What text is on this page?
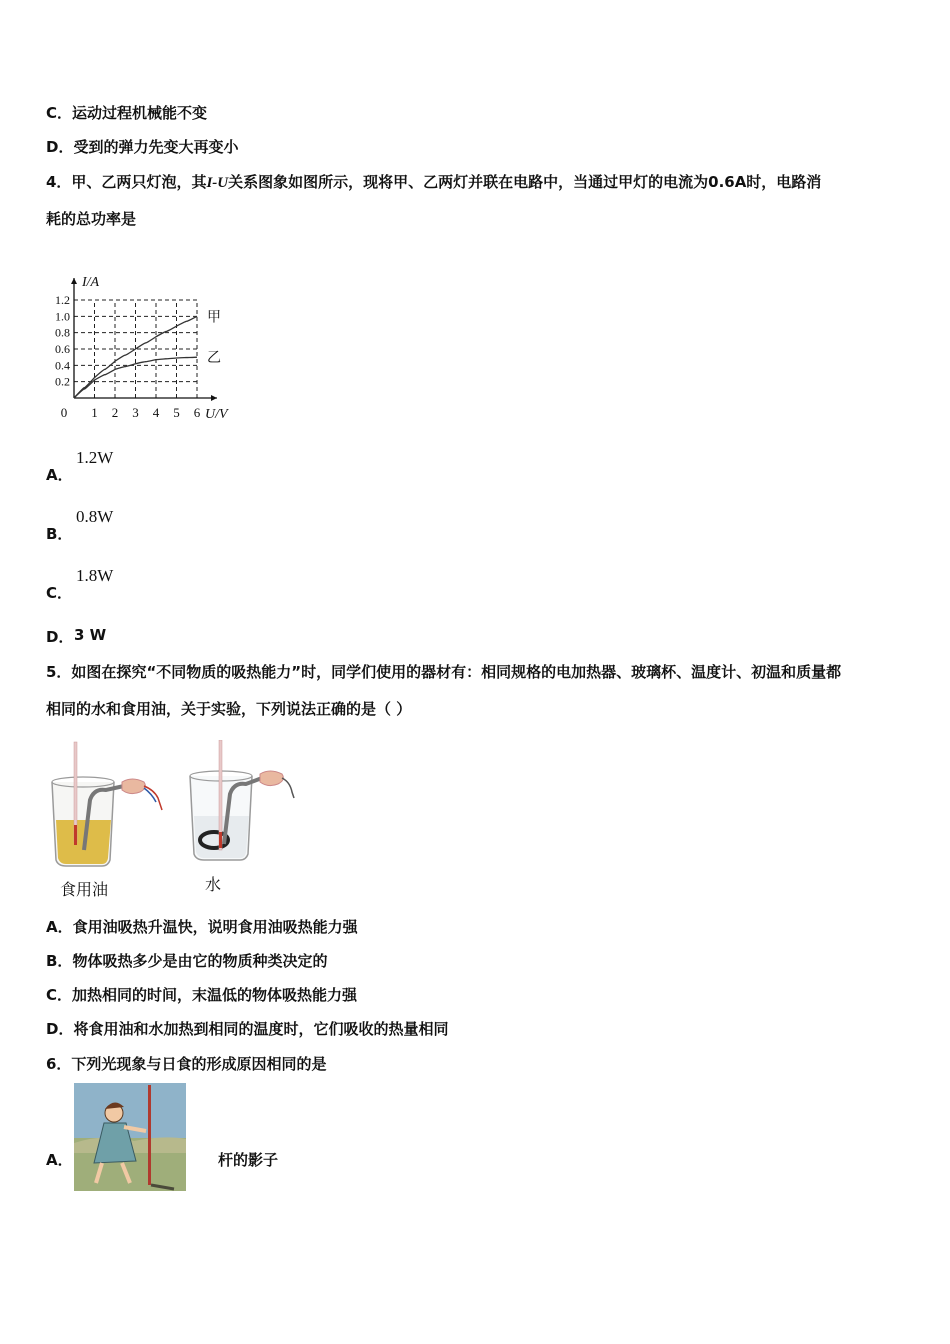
C．运动过程机械能不变
D．受到的弹力先变大再变小
4．甲、乙两只灯泡，其I-U关系图象如图所示，现将甲、乙两灯并联在电路中，当通过甲灯的电流为0.6A时，电路消
耗的总功率是
0 1 2 3 4 5 6
0.2
0.4
0.6
0.8
1.0
1.2
U/V
I/A
甲
乙
A．
1.2W
B．
0.8W
C．
1.8W
D． 3 W
5．如图在探究“不同物质的吸热能力”时，同学们使用的器材有：相同规格的电加热器、玻璃杯、温度计、初温和质量都
相同的水和食用油，关于实验，下列说法正确的是（ ）
食用油	水
A．食用油吸热升温快，说明食用油吸热能力强
B．物体吸热多少是由它的物质种类决定的
C．加热相同的时间，末温低的物体吸热能力强
D．将食用油和水加热到相同的温度时，它们吸收的热量相同
6．下列光现象与日食的形成原因相同的是
A．	杆的影子
